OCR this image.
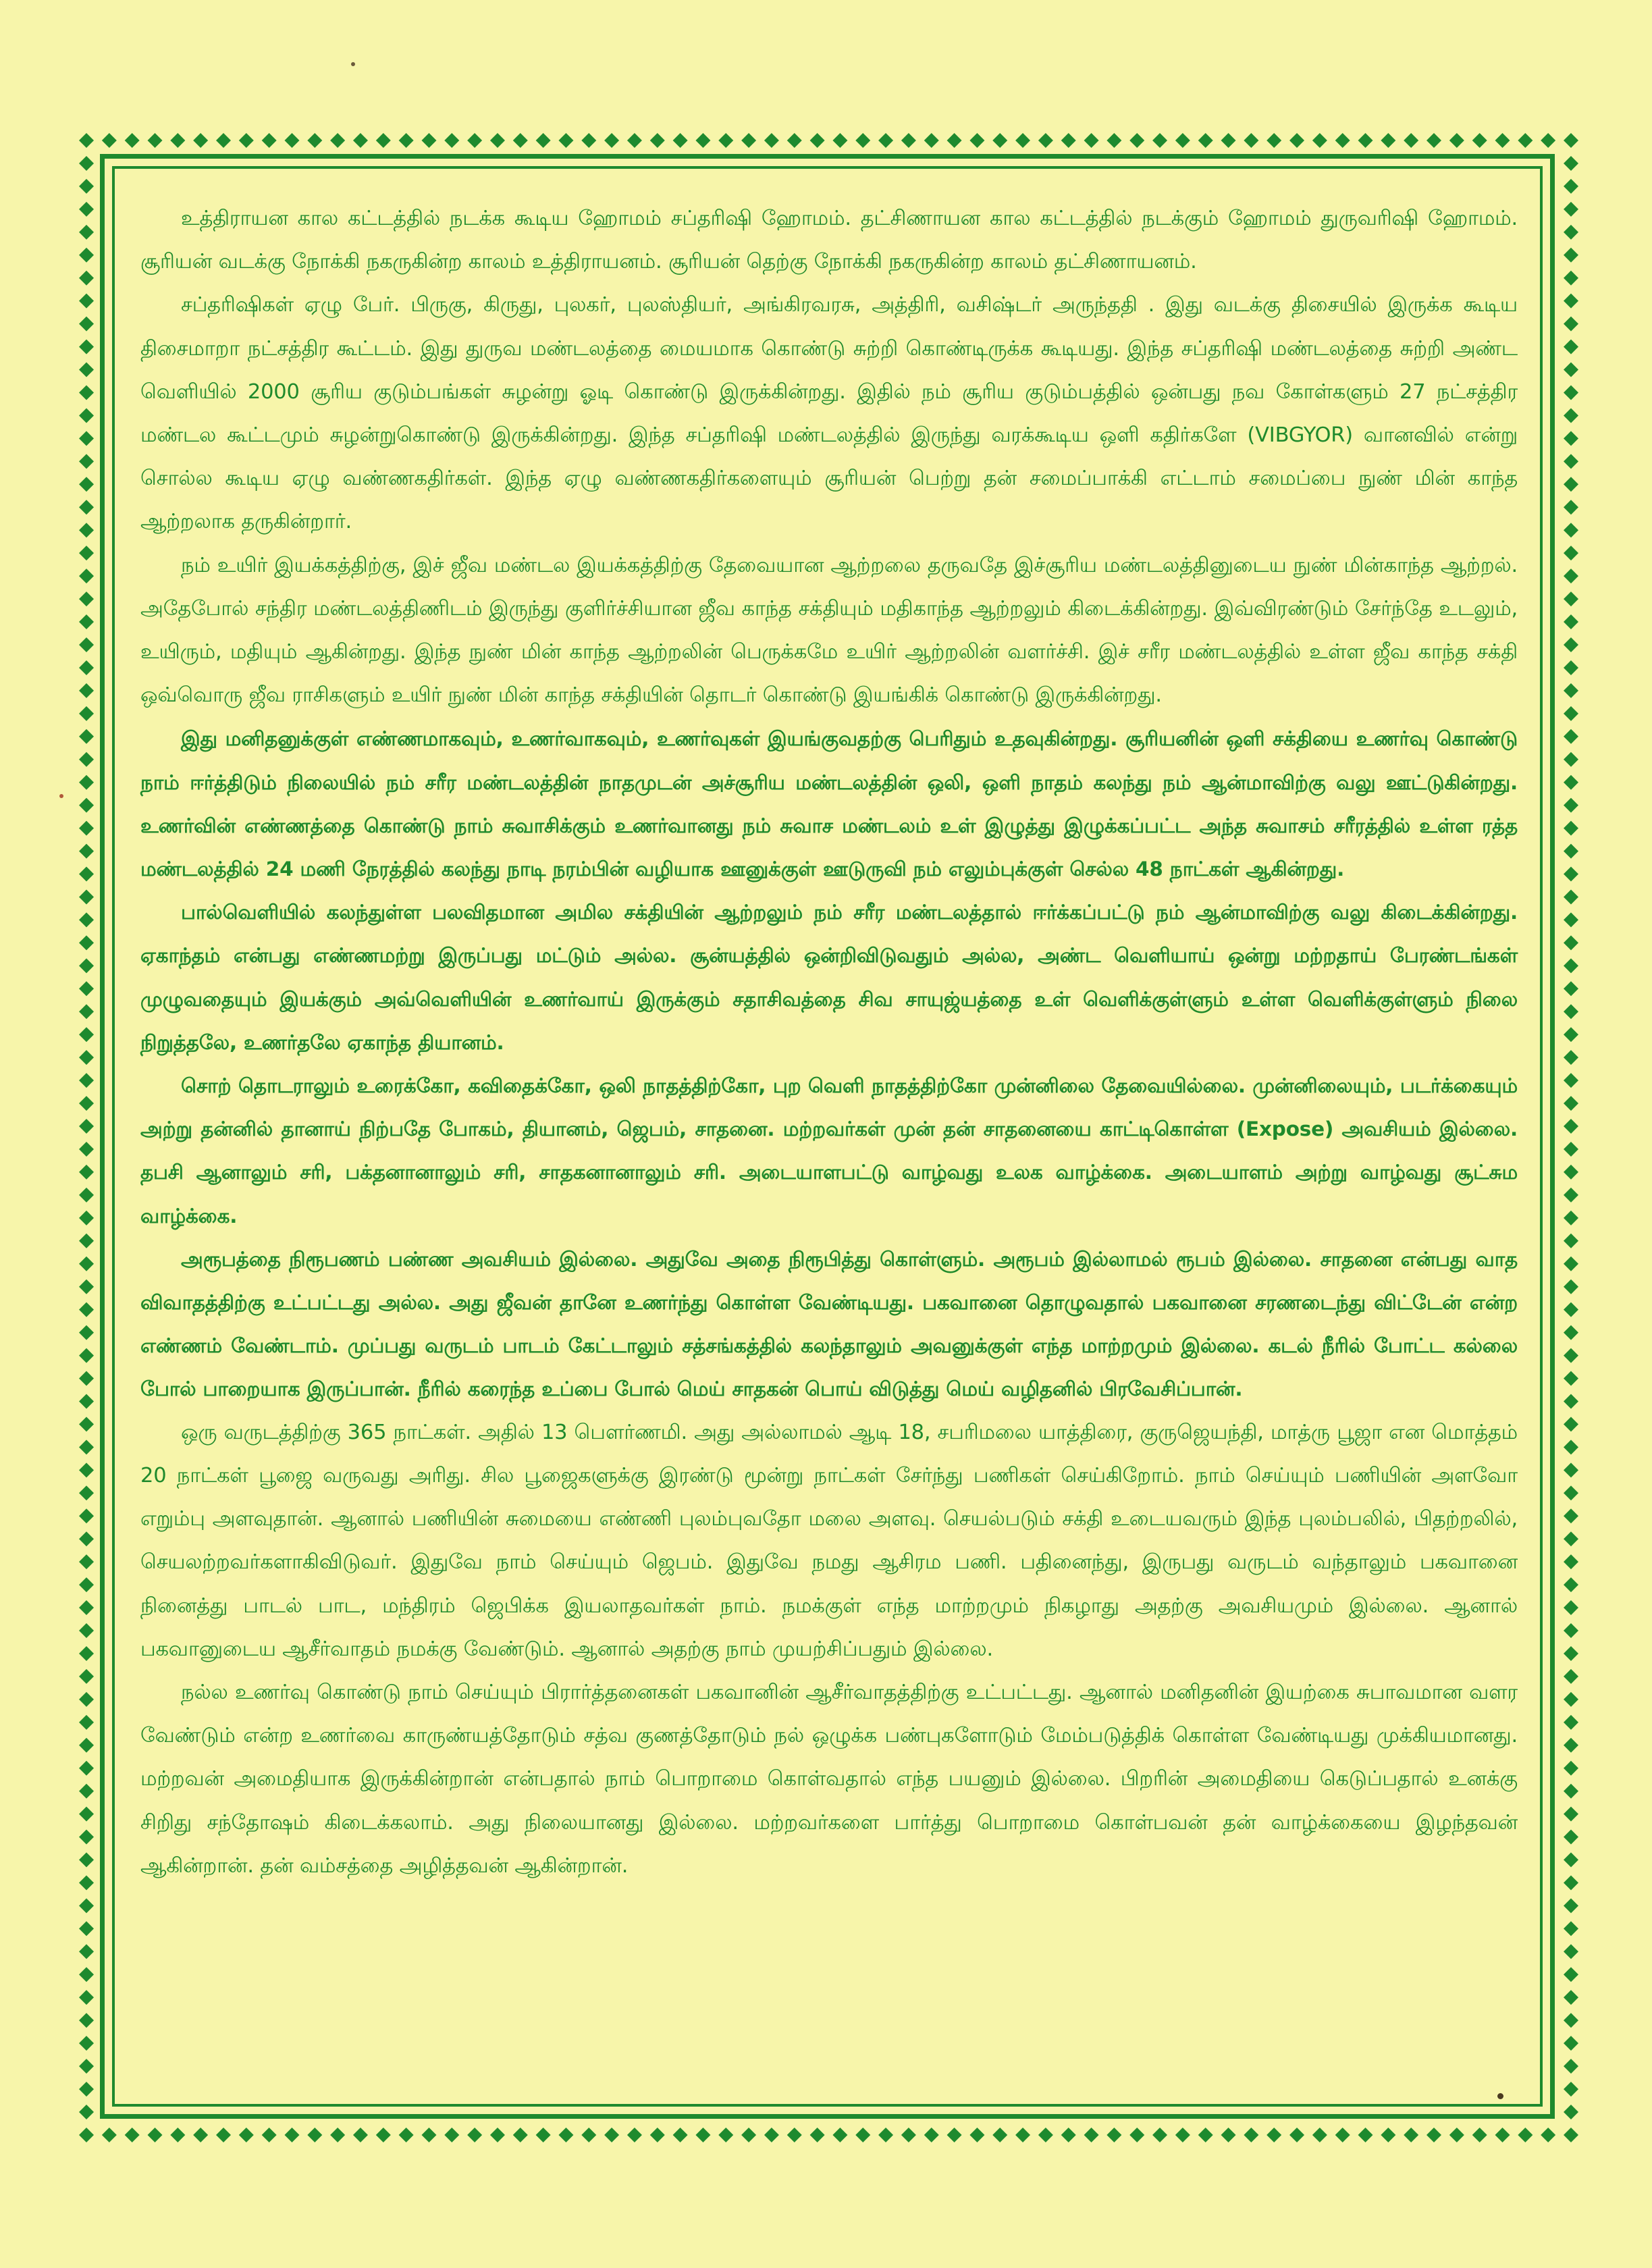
உத்திராயன கால கட்டத்தில் நடக்க கூடிய ஹோமம் சப்தரிஷி ஹோமம். தட்சிணாயன கால கட்டத்தில் நடக்கும் ஹோமம் துருவரிஷி ஹோமம். சூரியன் வடக்கு நோக்கி நகருகின்ற காலம் உத்திராயனம். சூரியன் தெற்கு நோக்கி நகருகின்ற காலம் தட்சிணாயனம்.

சப்தரிஷிகள் ஏழு பேர். பிருகு, கிருது, புலகர், புலஸ்தியர், அங்கிரவரசு, அத்திரி, வசிஷ்டர் அருந்ததி . இது வடக்கு திசையில் இருக்க கூடிய திசைமாறா நட்சத்திர கூட்டம். இது துருவ மண்டலத்தை மையமாக கொண்டு சுற்றி கொண்டிருக்க கூடியது. இந்த சப்தரிஷி மண்டலத்தை சுற்றி அண்ட வெளியில் 2000 சூரிய குடும்பங்கள் சுழன்று ஓடி கொண்டு இருக்கின்றது. இதில் நம் சூரிய குடும்பத்தில் ஒன்பது நவ கோள்களும் 27 நட்சத்திர மண்டல கூட்டமும் சுழன்றுகொண்டு இருக்கின்றது. இந்த சப்தரிஷி மண்டலத்தில் இருந்து வரக்கூடிய ஒளி கதிர்களே (VIBGYOR) வானவில் என்று சொல்ல கூடிய ஏழு வண்ணகதிர்கள். இந்த ஏழு வண்ணகதிர்களையும் சூரியன் பெற்று தன் சமைப்பாக்கி எட்டாம் சமைப்பை நுண் மின் காந்த ஆற்றலாக தருகின்றார்.

நம் உயிர் இயக்கத்திற்கு, இச் ஜீவ மண்டல இயக்கத்திற்கு தேவையான ஆற்றலை தருவதே இச்சூரிய மண்டலத்தினுடைய நுண் மின்காந்த ஆற்றல். அதேபோல் சந்திர மண்டலத்திணிடம் இருந்து குளிர்ச்சியான ஜீவ காந்த சக்தியும் மதிகாந்த ஆற்றலும் கிடைக்கின்றது. இவ்விரண்டும் சேர்ந்தே உடலும், உயிரும், மதியும் ஆகின்றது. இந்த நுண் மின் காந்த ஆற்றலின் பெருக்கமே உயிர் ஆற்றலின் வளர்ச்சி. இச் சரீர மண்டலத்தில் உள்ள ஜீவ காந்த சக்தி ஒவ்வொரு ஜீவ ராசிகளும் உயிர் நுண் மின் காந்த சக்தியின் தொடர் கொண்டு இயங்கிக் கொண்டு இருக்கின்றது.

இது மனிதனுக்குள் எண்ணமாகவும், உணர்வாகவும், உணர்வுகள் இயங்குவதற்கு பெரிதும் உதவுகின்றது. சூரியனின் ஒளி சக்தியை உணர்வு கொண்டு நாம் ஈர்த்திடும் நிலையில் நம் சரீர மண்டலத்தின் நாதமுடன் அச்சூரிய மண்டலத்தின் ஒலி, ஒளி நாதம் கலந்து நம் ஆன்மாவிற்கு வலு ஊட்டுகின்றது. உணர்வின் எண்ணத்தை கொண்டு நாம் சுவாசிக்கும் உணர்வானது நம் சுவாச மண்டலம் உள் இழுத்து இழுக்கப்பட்ட அந்த சுவாசம் சரீரத்தில் உள்ள ரத்த மண்டலத்தில் 24 மணி நேரத்தில் கலந்து நாடி நரம்பின் வழியாக ஊனுக்குள் ஊடுருவி நம் எலும்புக்குள் செல்ல 48 நாட்கள் ஆகின்றது.

பால்வெளியில் கலந்துள்ள பலவிதமான அமில சக்தியின் ஆற்றலும் நம் சரீர மண்டலத்தால் ஈர்க்கப்பட்டு நம் ஆன்மாவிற்கு வலு கிடைக்கின்றது. ஏகாந்தம் என்பது எண்ணமற்று இருப்பது மட்டும் அல்ல. சூன்யத்தில் ஒன்றிவிடுவதும் அல்ல, அண்ட வெளியாய் ஒன்று மற்றதாய் பேரண்டங்கள் முழுவதையும் இயக்கும் அவ்வெளியின் உணர்வாய் இருக்கும் சதாசிவத்தை சிவ சாயுஜ்யத்தை உள் வெளிக்குள்ளும் உள்ள வெளிக்குள்ளும் நிலை நிறுத்தலே, உணர்தலே ஏகாந்த தியானம்.

சொற் தொடராலும் உரைக்கோ, கவிதைக்கோ, ஒலி நாதத்திற்கோ, புற வெளி நாதத்திற்கோ முன்னிலை தேவையில்லை. முன்னிலையும், படர்க்கையும் அற்று தன்னில் தானாய் நிற்பதே போகம், தியானம், ஜெபம், சாதனை. மற்றவர்கள் முன் தன் சாதனையை காட்டிகொள்ள (Expose) அவசியம் இல்லை. தபசி ஆனாலும் சரி, பக்தனானாலும் சரி, சாதகனானாலும் சரி. அடையாளபட்டு வாழ்வது உலக வாழ்க்கை. அடையாளம் அற்று வாழ்வது சூட்சும வாழ்க்கை.

அரூபத்தை நிரூபணம் பண்ண அவசியம் இல்லை. அதுவே அதை நிரூபித்து கொள்ளும். அரூபம் இல்லாமல் ரூபம் இல்லை. சாதனை என்பது வாத விவாதத்திற்கு உட்பட்டது அல்ல. அது ஜீவன் தானே உணர்ந்து கொள்ள வேண்டியது. பகவானை தொழுவதால் பகவானை சரணடைந்து விட்டேன் என்ற எண்ணம் வேண்டாம். முப்பது வருடம் பாடம் கேட்டாலும் சத்சங்கத்தில் கலந்தாலும் அவனுக்குள் எந்த மாற்றமும் இல்லை. கடல் நீரில் போட்ட கல்லை போல் பாறையாக இருப்பான். நீரில் கரைந்த உப்பை போல் மெய் சாதகன் பொய் விடுத்து மெய் வழிதனில் பிரவேசிப்பான்.

ஒரு வருடத்திற்கு 365 நாட்கள். அதில் 13 பௌர்ணமி. அது அல்லாமல் ஆடி 18, சபரிமலை யாத்திரை, குருஜெயந்தி, மாத்ரு பூஜா என மொத்தம் 20 நாட்கள் பூஜை வருவது அரிது. சில பூஜைகளுக்கு இரண்டு மூன்று நாட்கள் சேர்ந்து பணிகள் செய்கிறோம். நாம் செய்யும் பணியின் அளவோ எறும்பு அளவுதான். ஆனால் பணியின் சுமையை எண்ணி புலம்புவதோ மலை அளவு. செயல்படும் சக்தி உடையவரும் இந்த புலம்பலில், பிதற்றலில், செயலற்றவர்களாகிவிடுவர். இதுவே நாம் செய்யும் ஜெபம். இதுவே நமது ஆசிரம பணி. பதினைந்து, இருபது வருடம் வந்தாலும் பகவானை நினைத்து பாடல் பாட, மந்திரம் ஜெபிக்க இயலாதவர்கள் நாம். நமக்குள் எந்த மாற்றமும் நிகழாது அதற்கு அவசியமும் இல்லை. ஆனால் பகவானுடைய ஆசீர்வாதம் நமக்கு வேண்டும். ஆனால் அதற்கு நாம் முயற்சிப்பதும் இல்லை.

நல்ல உணர்வு கொண்டு நாம் செய்யும் பிரார்த்தனைகள் பகவானின் ஆசீர்வாதத்திற்கு உட்பட்டது. ஆனால் மனிதனின் இயற்கை சுபாவமான வளர வேண்டும் என்ற உணர்வை காருண்யத்தோடும் சத்வ குணத்தோடும் நல் ஒழுக்க பண்புகளோடும் மேம்படுத்திக் கொள்ள வேண்டியது முக்கியமானது. மற்றவன் அமைதியாக இருக்கின்றான் என்பதால் நாம் பொறாமை கொள்வதால் எந்த பயனும் இல்லை. பிறரின் அமைதியை கெடுப்பதால் உனக்கு சிறிது சந்தோஷம் கிடைக்கலாம். அது நிலையானது இல்லை. மற்றவர்களை பார்த்து பொறாமை கொள்பவன் தன் வாழ்க்கையை இழந்தவன் ஆகின்றான். தன் வம்சத்தை அழித்தவன் ஆகின்றான்.
